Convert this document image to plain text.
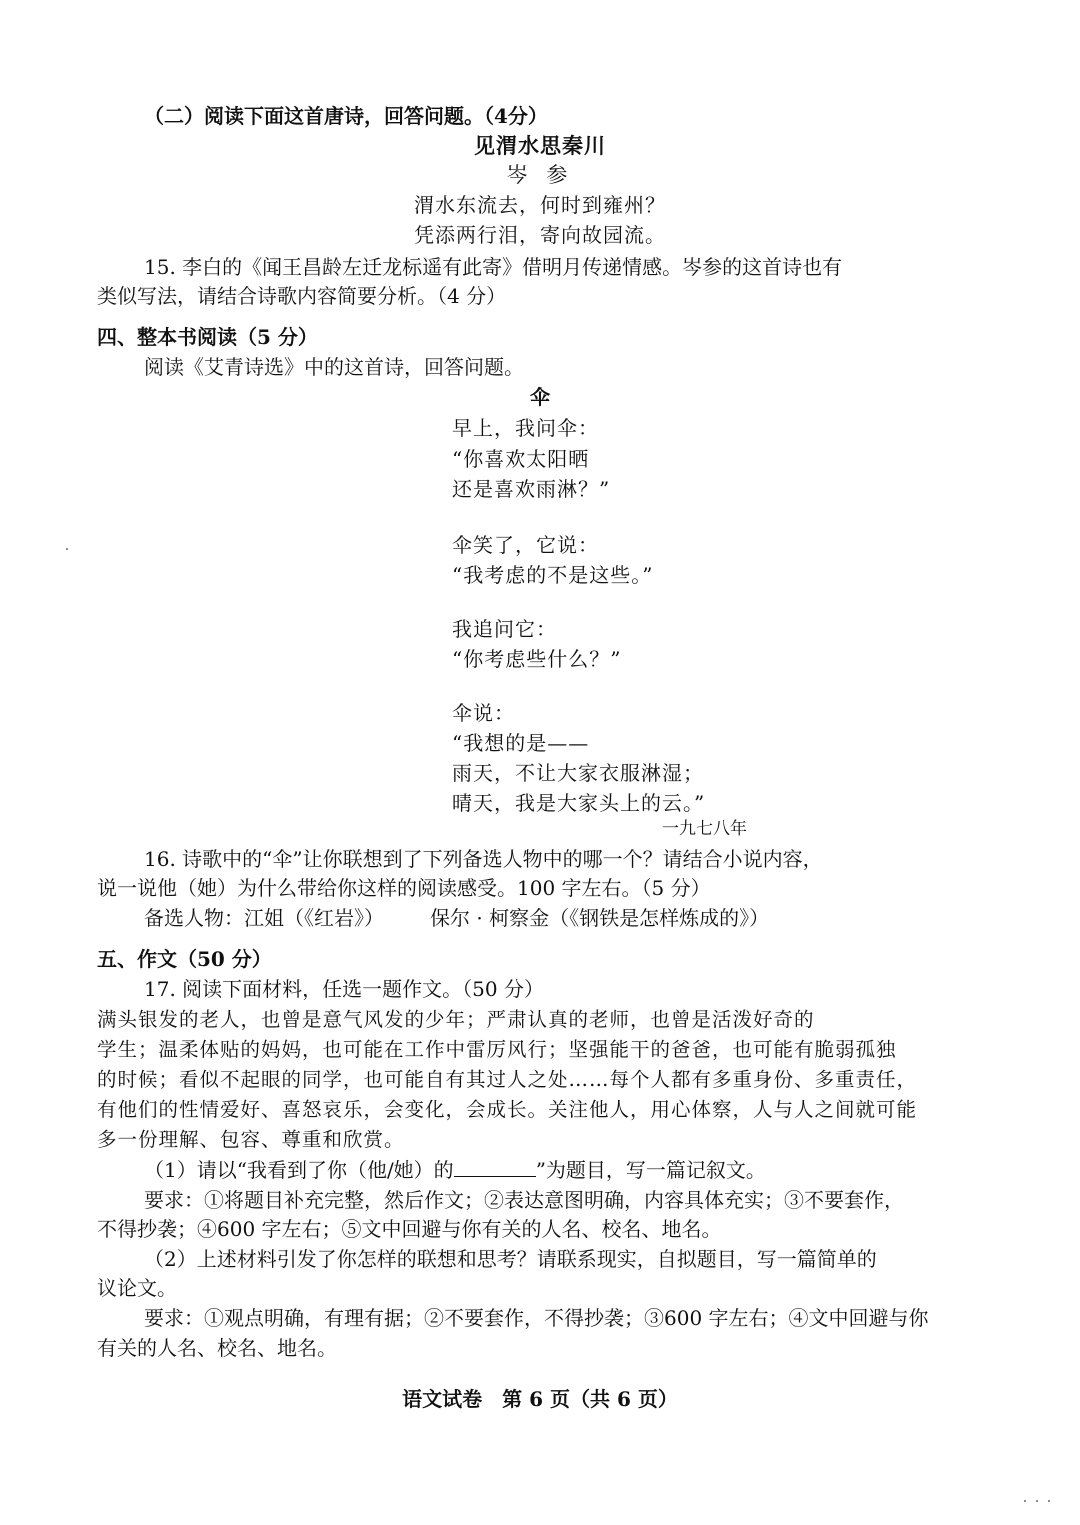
（二）阅读下面这首唐诗，回答问题。（4分）
见渭水思秦川
岑 参
渭水东流去，何时到雍州？
凭添两行泪，寄向故园流。
15. 李白的《闻王昌龄左迁龙标遥有此寄》借明月传递情感。岑参的这首诗也有
类似写法，请结合诗歌内容简要分析。（4 分）
四、整本书阅读（5 分）
阅读《艾青诗选》中的这首诗，回答问题。
伞
早上，我问伞：
“你喜欢太阳晒
还是喜欢雨淋？”
伞笑了，它说：
“我考虑的不是这些。”
我追问它：
“你考虑些什么？”
伞说：
“我想的是——
雨天，不让大家衣服淋湿；
晴天，我是大家头上的云。”
一九七八年
16. 诗歌中的“伞”让你联想到了下列备选人物中的哪一个？请结合小说内容，
说一说他（她）为什么带给你这样的阅读感受。100 字左右。（5 分）
备选人物：江姐（《红岩》） 保尔 · 柯察金（《钢铁是怎样炼成的》）
五、作文（50 分）
17. 阅读下面材料，任选一题作文。（50 分）
满头银发的老人，也曾是意气风发的少年；严肃认真的老师，也曾是活泼好奇的
学生；温柔体贴的妈妈，也可能在工作中雷厉风行；坚强能干的爸爸，也可能有脆弱孤独
的时候；看似不起眼的同学，也可能自有其过人之处……每个人都有多重身份、多重责任，
有他们的性情爱好、喜怒哀乐，会变化，会成长。关注他人，用心体察，人与人之间就可能
多一份理解、包容、尊重和欣赏。
（1）请以“我看到了你（他/她）的	”为题目，写一篇记叙文。
要求：①将题目补充完整，然后作文；②表达意图明确，内容具体充实；③不要套作，
不得抄袭；④600 字左右；⑤文中回避与你有关的人名、校名、地名。
（2）上述材料引发了你怎样的联想和思考？请联系现实，自拟题目，写一篇简单的
议论文。
要求：①观点明确，有理有据；②不要套作，不得抄袭；③600 字左右；④文中回避与你
有关的人名、校名、地名。
语文试卷　第 6 页（共 6 页）
